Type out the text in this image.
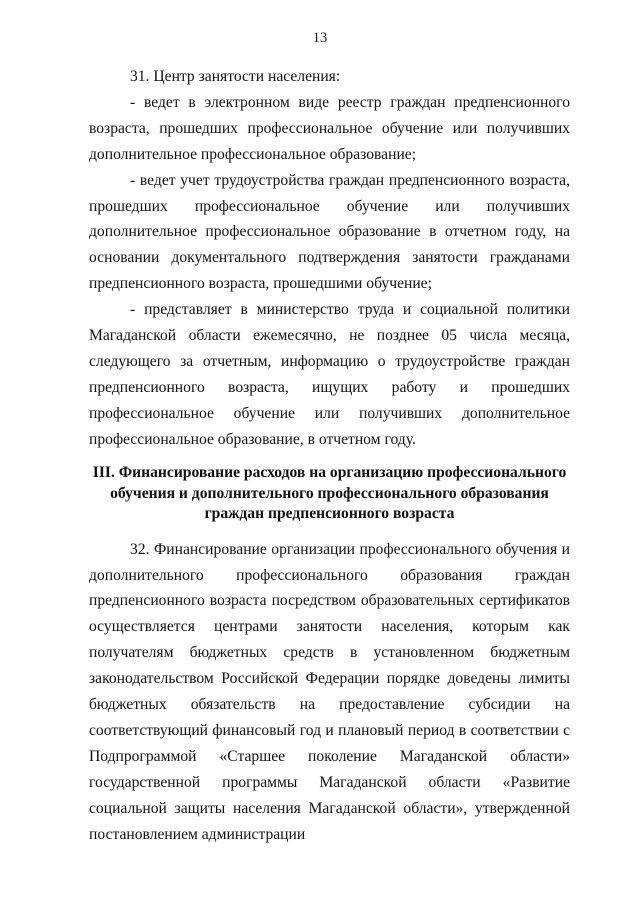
13

31. Центр занятости населения:

- ведет в электронном виде реестр граждан предпенсионного возраста, прошедших профессиональное обучение или получивших дополнительное профессиональное образование;

- ведет учет трудоустройства граждан предпенсионного возраста, прошедших профессиональное обучение или получивших дополнительное профессиональное образование в отчетном году, на основании документального подтверждения занятости гражданами предпенсионного возраста, прошедшими обучение;

- представляет в министерство труда и социальной политики Магаданской области ежемесячно, не позднее 05 числа месяца, следующего за отчетным, информацию о трудоустройстве граждан предпенсионного возраста, ищущих работу и прошедших профессиональное обучение или получивших дополнительное профессиональное образование, в отчетном году.

III. Финансирование расходов на организацию профессионального
обучения и дополнительного профессионального образования
граждан предпенсионного возраста

32. Финансирование организации профессионального обучения и дополнительного профессионального образования граждан предпенсионного возраста посредством образовательных сертификатов осуществляется центрами занятости населения, которым как получателям бюджетных средств в установленном бюджетным законодательством Российской Федерации порядке доведены лимиты бюджетных обязательств на предоставление субсидии на соответствующий финансовый год и плановый период в соответствии с Подпрограммой «Старшее поколение Магаданской области» государственной программы Магаданской области «Развитие социальной защиты населения Магаданской области», утвержденной постановлением администрации
